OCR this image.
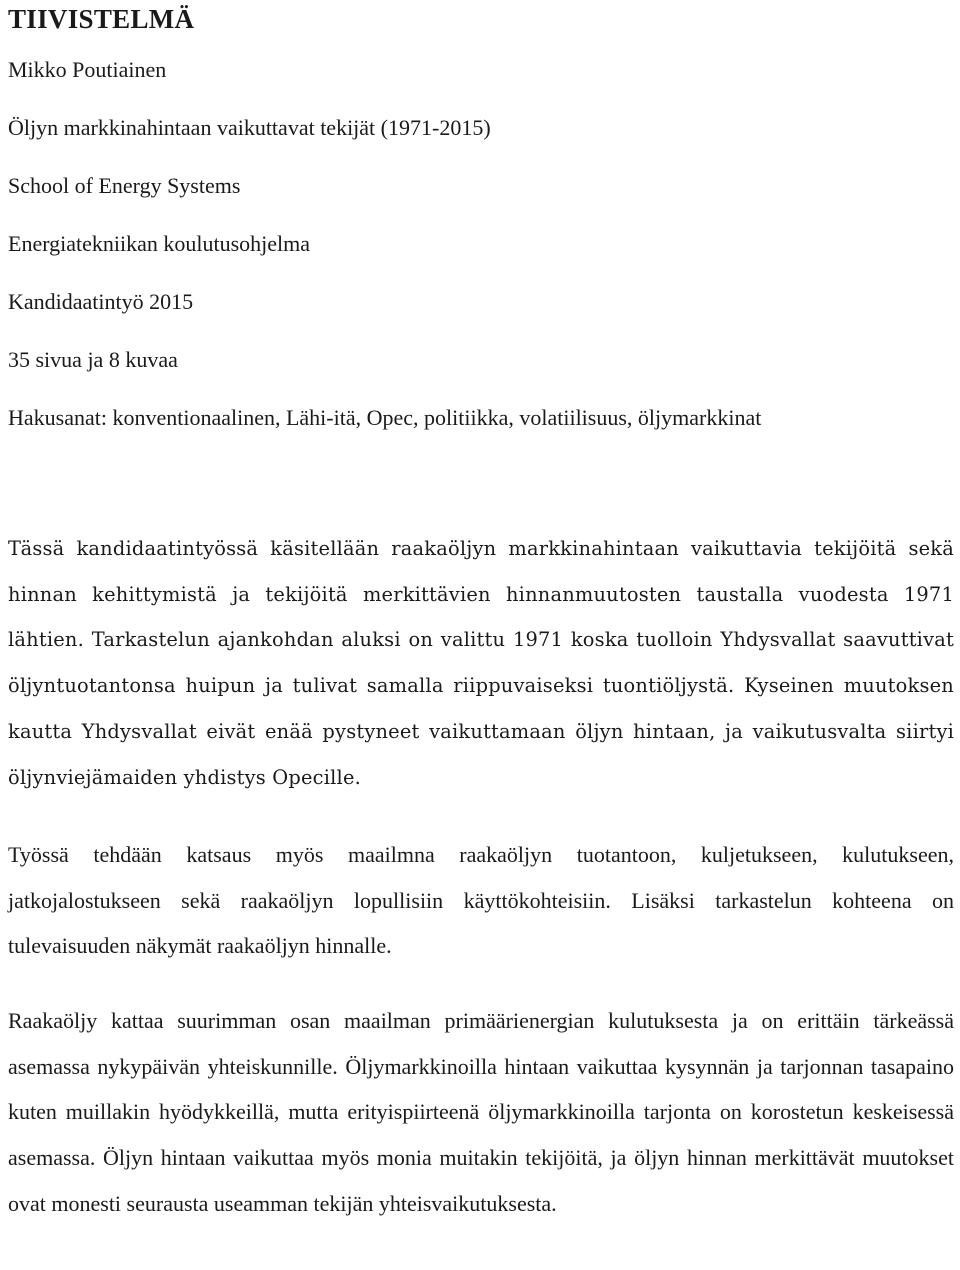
TIIVISTELMÄ
Mikko Poutiainen
Öljyn markkinahintaan vaikuttavat tekijät (1971-2015)
School of Energy Systems
Energiatekniikan koulutusohjelma
Kandidaatintyö 2015
35 sivua ja 8 kuvaa
Hakusanat: konventionaalinen, Lähi-itä, Opec, politiikka, volatiilisuus, öljymarkkinat

Tässä kandidaatintyössä käsitellään raakaöljyn markkinahintaan vaikuttavia tekijöitä sekä hinnan kehittymistä ja tekijöitä merkittävien hinnanmuutosten taustalla vuodesta 1971 lähtien. Tarkastelun ajankohdan aluksi on valittu 1971 koska tuolloin Yhdysvallat saavuttivat öljyntuotantonsa huipun ja tulivat samalla riippuvaiseksi tuontiöljystä. Kyseinen muutoksen kautta Yhdysvallat eivät enää pystyneet vaikuttamaan öljyn hintaan, ja vaikutusvalta siirtyi öljynviejämaiden yhdistys Opecille.

Työssä tehdään katsaus myös maailmna raakaöljyn tuotantoon, kuljetukseen, kulutukseen, jatkojalostukseen sekä raakaöljyn lopullisiin käyttökohteisiin. Lisäksi tarkastelun kohteena on tulevaisuuden näkymät raakaöljyn hinnalle.

Raakaöljy kattaa suurimman osan maailman primäärienergian kulutuksesta ja on erittäin tärkeässä asemassa nykypäivän yhteiskunnille. Öljymarkkinoilla hintaan vaikuttaa kysynnän ja tarjonnan tasapaino kuten muillakin hyödykkeillä, mutta erityispiirteenä öljymarkkinoilla tarjonta on korostetun keskeisessä asemassa. Öljyn hintaan vaikuttaa myös monia muitakin tekijöitä, ja öljyn hinnan merkittävät muutokset ovat monesti seurausta useamman tekijän yhteisvaikutuksesta.
